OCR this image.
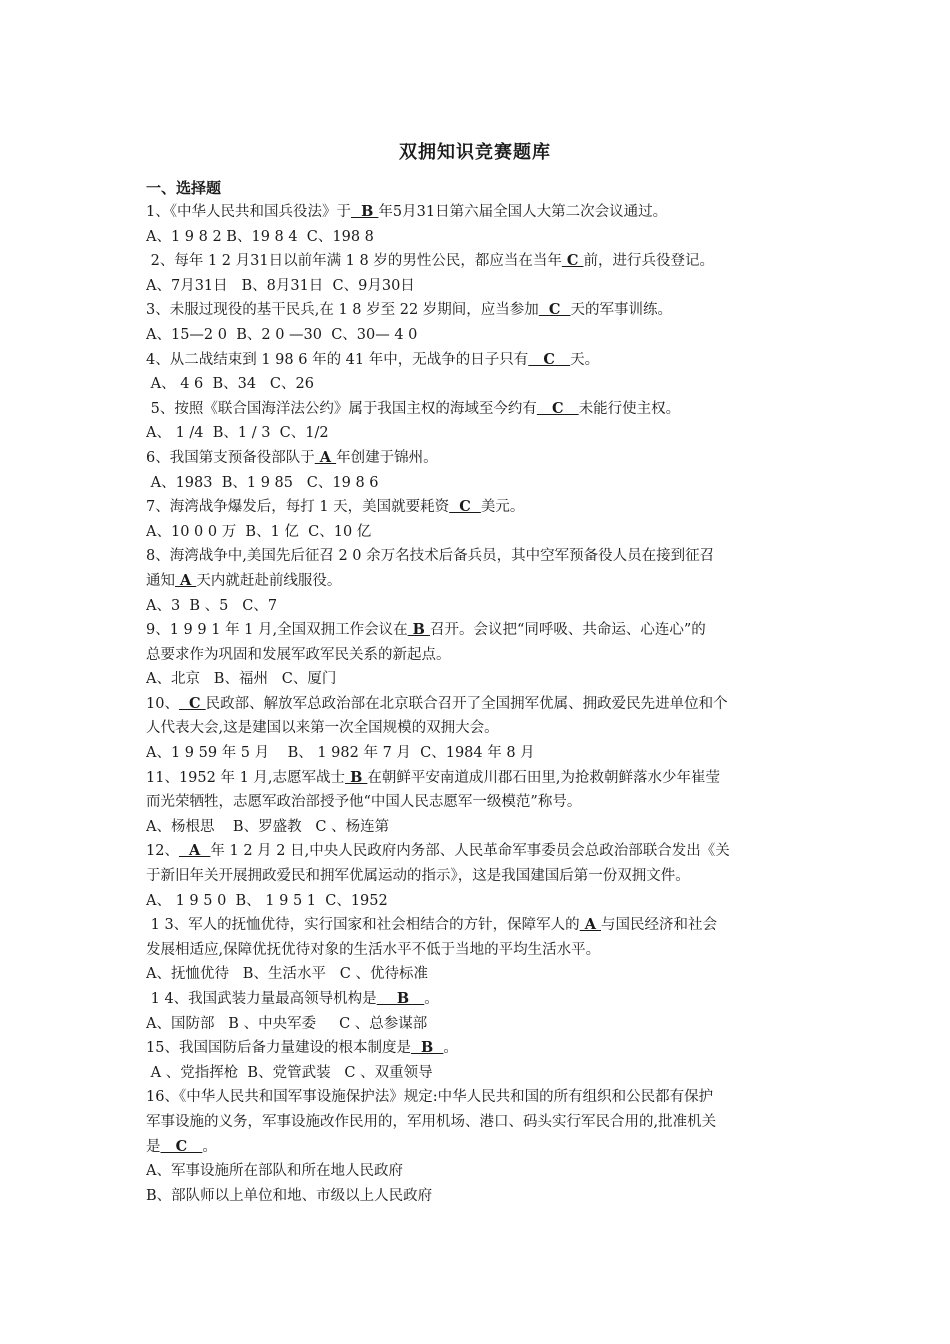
双拥知识竞赛题库
一、选择题
1、《中华人民共和国兵役法》于  B 年5月31日第六届全国人大第二次会议通过。
A、1 9 8 2 B、19 8 4  C、198 8
2、每年 1 2 月31日以前年满 1 8 岁的男性公民，都应当在当年 C 前，进行兵役登记。
A、7月31日   B、8月31日  C、9月30日
3、未服过现役的基干民兵,在 1 8 岁至 22 岁期间，应当参加  C  天的军事训练。
A、15—2 0  B、2 0 —30  C、30— 4 0
4、从二战结束到 1 98 6 年的 41 年中，无战争的日子只有   C   天。
A、 4 6  B、34   C、26
5、按照《联合国海洋法公约》属于我国主权的海域至今约有   C   未能行使主权。
A、 1 /4  B、1 / 3  C、1/2
6、我国第支预备役部队于 A 年创建于锦州。
A、1983  B、1 9 85   C、19 8 6
7、海湾战争爆发后，每打 1 天，美国就要耗资  C  美元。
A、10 0 0 万  B、1 亿  C、10 亿
8、海湾战争中,美国先后征召 2 0 余万名技术后备兵员，其中空军预备役人员在接到征召
通知 A 天内就赶赴前线服役。
A、3  B 、5   C、7
9、1 9 9 1 年 1 月,全国双拥工作会议在 B 召开。会议把“同呼吸、共命运、心连心”的
总要求作为巩固和发展军政军民关系的新起点。
A、北京   B、福州   C、厦门
10、  C 民政部、解放军总政治部在北京联合召开了全国拥军优属、拥政爱民先进单位和个
人代表大会,这是建国以来第一次全国规模的双拥大会。
A、1 9 59 年 5 月    B、 1 982 年 7 月  C、1984 年 8 月
11、1952 年 1 月,志愿军战士 B 在朝鲜平安南道成川郡石田里,为抢救朝鲜落水少年崔莹
而光荣牺牲，志愿军政治部授予他“中国人民志愿军一级模范”称号。
A、杨根思    B、罗盛教   C 、杨连第
12、  A  年 1 2 月 2 日,中央人民政府内务部、人民革命军事委员会总政治部联合发出《关
于新旧年关开展拥政爱民和拥军优属运动的指示》，这是我国建国后第一份双拥文件。
A、 1 9 5 0  B、 1 9 5 1  C、1952
1 3、军人的抚恤优待，实行国家和社会相结合的方针，保障军人的 A 与国民经济和社会
发展相适应,保障优抚优待对象的生活水平不低于当地的平均生活水平。
A、抚恤优待   B、生活水平   C 、优待标准
1 4、我国武装力量最高领导机构是    B   。
A、国防部   B 、中央军委     C 、总参谋部
15、我国国防后备力量建设的根本制度是  B  。
A 、党指挥枪  B、党管武装   C 、双重领导
16、《中华人民共和国军事设施保护法》规定:中华人民共和国的所有组织和公民都有保护
军事设施的义务，军事设施改作民用的，军用机场、港口、码头实行军民合用的,批准机关
是   C   。
A、军事设施所在部队和所在地人民政府
B、部队师以上单位和地、市级以上人民政府
